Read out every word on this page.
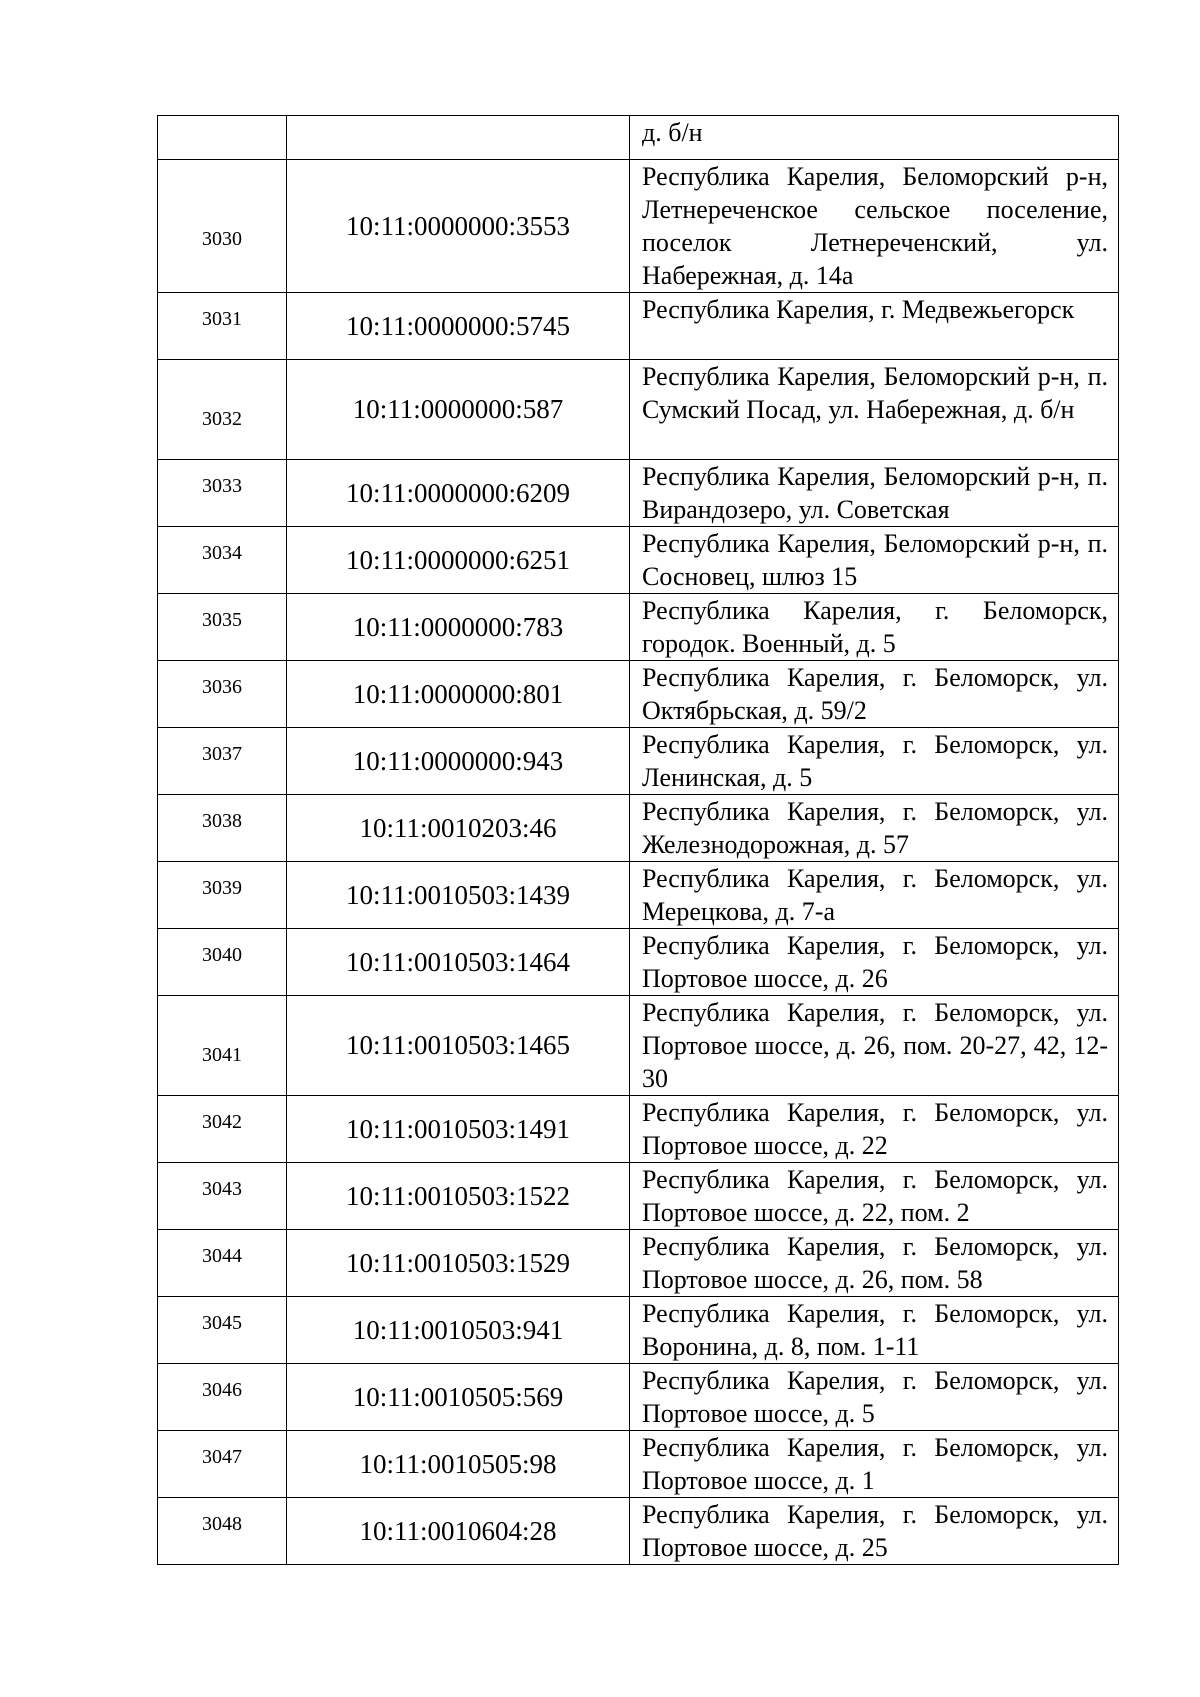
		д. б/н

3030	10:11:0000000:3553	Республика Карелия, Беломорский р-н, Летнереченское сельское поселение, поселок Летнереченский, ул. Набережная, д. 14а

3031	10:11:0000000:5745	Республика Карелия, г. Медвежьегорск

3032	10:11:0000000:587	Республика Карелия, Беломорский р-н, п. Сумский Посад, ул. Набережная, д. б/н

3033	10:11:0000000:6209	Республика Карелия, Беломорский р-н, п. Вирандозеро, ул. Советская

3034	10:11:0000000:6251	Республика Карелия, Беломорский р-н, п. Сосновец, шлюз 15

3035	10:11:0000000:783	Республика Карелия, г. Беломорск, городок. Военный, д. 5

3036	10:11:0000000:801	Республика Карелия, г. Беломорск, ул. Октябрьская, д. 59/2

3037	10:11:0000000:943	Республика Карелия, г. Беломорск, ул. Ленинская, д. 5

3038	10:11:0010203:46	Республика Карелия, г. Беломорск, ул. Железнодорожная, д. 57

3039	10:11:0010503:1439	Республика Карелия, г. Беломорск, ул. Мерецкова, д. 7-а

3040	10:11:0010503:1464	Республика Карелия, г. Беломорск, ул. Портовое шоссе, д. 26

3041	10:11:0010503:1465	Республика Карелия, г. Беломорск, ул. Портовое шоссе, д. 26, пом. 20-27, 42, 12-30

3042	10:11:0010503:1491	Республика Карелия, г. Беломорск, ул. Портовое шоссе, д. 22

3043	10:11:0010503:1522	Республика Карелия, г. Беломорск, ул. Портовое шоссе, д. 22, пом. 2

3044	10:11:0010503:1529	Республика Карелия, г. Беломорск, ул. Портовое шоссе, д. 26, пом. 58

3045	10:11:0010503:941	Республика Карелия, г. Беломорск, ул. Воронина, д. 8, пом. 1-11

3046	10:11:0010505:569	Республика Карелия, г. Беломорск, ул. Портовое шоссе, д. 5

3047	10:11:0010505:98	Республика Карелия, г. Беломорск, ул. Портовое шоссе, д. 1

3048	10:11:0010604:28	Республика Карелия, г. Беломорск, ул. Портовое шоссе, д. 25
